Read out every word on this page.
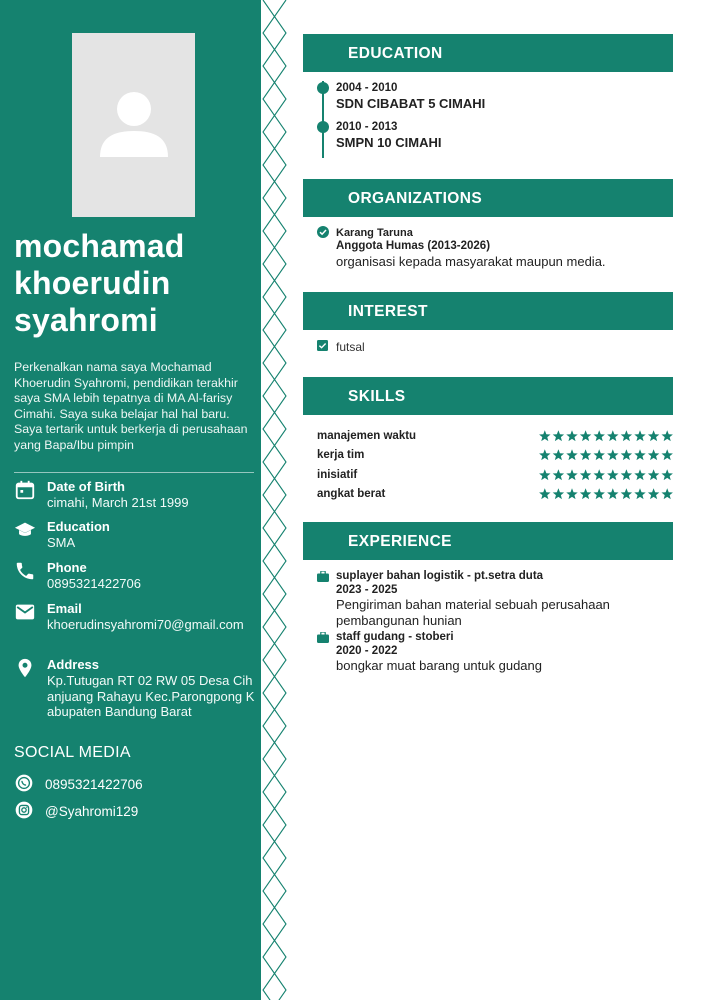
mochamad
khoerudin
syahromi
Perkenalkan nama saya Mochamad Khoerudin Syahromi, pendidikan terakhir saya SMA lebih tepatnya di MA Al-farisy Cimahi. Saya suka belajar hal hal baru. Saya tertarik untuk berkerja di perusahaan yang Bapa/Ibu pimpin
Date of Birth
cimahi, March 21st 1999
Education
SMA
Phone
0895321422706
Email
khoerudinsyahromi70@gmail.com
Address
Kp.Tutugan RT 02 RW 05 Desa Cihanjuang Rahayu Kec.Parongpong Kabupaten Bandung Barat
SOCIAL MEDIA
0895321422706
@Syahromi129
EDUCATION
2004 - 2010
SDN CIBABAT 5 CIMAHI
2010 - 2013
SMPN 10 CIMAHI
ORGANIZATIONS
Karang Taruna
Anggota Humas (2013-2026)
organisasi kepada masyarakat maupun media.
INTEREST
futsal
SKILLS
manajemen waktu
kerja tim
inisiatif
angkat berat
EXPERIENCE
suplayer bahan logistik - pt.setra duta
2023 - 2025
Pengiriman bahan material sebuah perusahaan pembangunan hunian
staff gudang - stoberi
2020 - 2022
bongkar muat barang untuk gudang
